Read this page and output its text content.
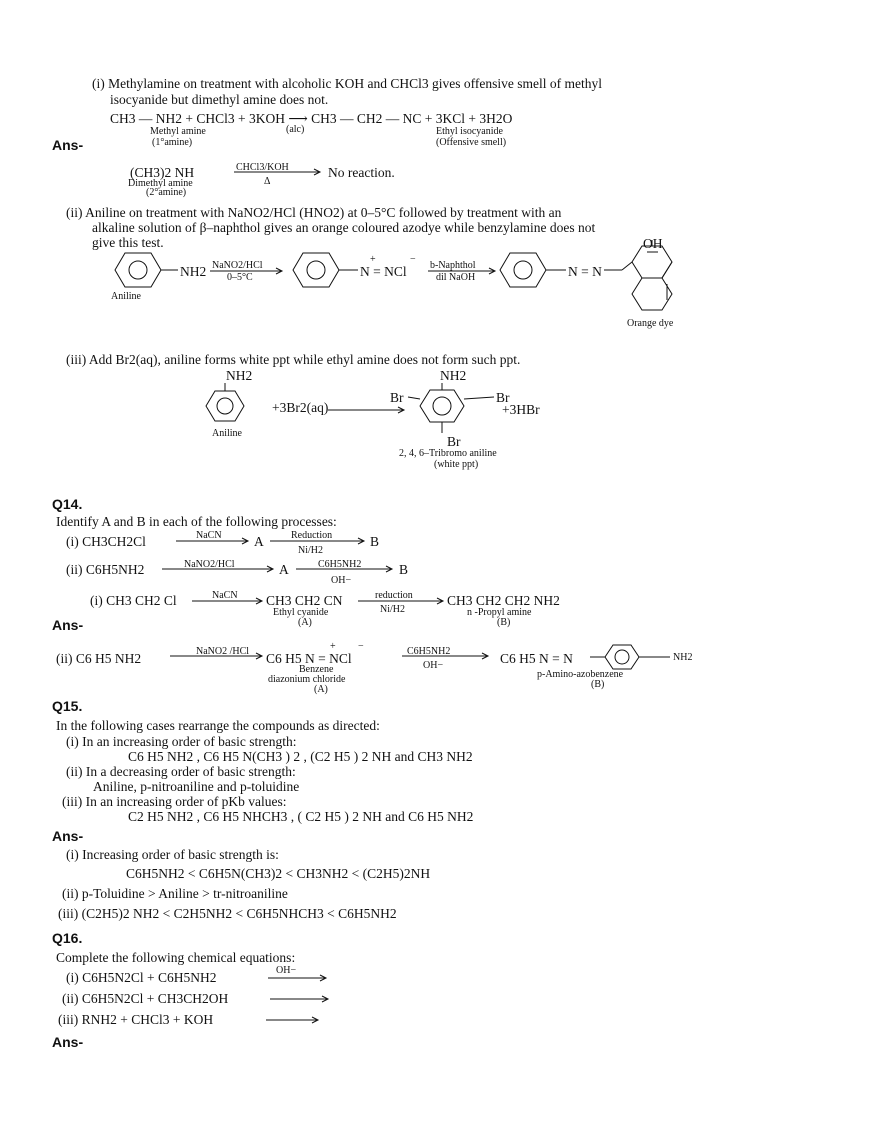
(i) Methylamine on treatment with alcoholic KOH and CHCl3 gives offensive smell of methyl
isocyanide but dimethyl amine does not.
Ans-
CH3 — NH2 + CHCl3 + 3KOH ⟶ CH3 — CH2 — NC + 3KCl + 3H2O
(alc)
Methyl amine
(1°amine)
Ethyl isocyanide
(Offensive smell)
(CH3)2 NH	CHCl3/KOH
Δ
No reaction.
Dimethyl amine
(2°amine)
(ii) Aniline on treatment with NaNO2/HCl (HNO2) at 0–5°C followed by treatment with an
alkaline solution of β–naphthol gives an orange coloured azodye while benzylamine does not
give this test.
NH2 NaNO2/HCl
0–5°C	N = NCl
+	−
b-Naphthol
dil NaOH	N = N
OH
Aniline
Orange dye
(iii) Add Br2(aq), aniline forms white ppt while ethyl amine does not form such ppt.
NH2
+3Br2(aq)
NH2
Br	Br
Br
+3HBr
Aniline
2, 4, 6–Tribromo aniline
(white ppt)
Q14.
Identify A and B in each of the following processes:
(i) CH3CH2Cl	NaCN A	Reduction
Ni/H2
B
(ii) C6H5NH2	NaNO2/HCl	A	C6H5NH2
OH−
B
Ans-
(i) CH3 CH2 Cl	NaCN CH3 CH2 CN	reduction
Ni/H2
CH3 CH2 CH2 NH2
Ethyl cyanide
(A)
n -Propyl amine
(B)
(ii) C6 H5 NH2	NaNO2 /HCl C6 H5 N = NCl
+ −	C6H5NH2
OH−	C6 H5 N = N	NH2
Benzene
diazonium chloride
(A)
p-Amino-azobenzene
(B)
Q15.
In the following cases rearrange the compounds as directed:
(i) In an increasing order of basic strength:
C6 H5 NH2 , C6 H5 N(CH3 ) 2 , (C2 H5 ) 2 NH and CH3 NH2
(ii) In a decreasing order of basic strength:
Aniline, p-nitroaniline and p-toluidine
(iii) In an increasing order of pKb values:
C2 H5 NH2 , C6 H5 NHCH3 , ( C2 H5 ) 2 NH and C6 H5 NH2
Ans-
(i) Increasing order of basic strength is:
C6H5NH2 < C6H5N(CH3)2 < CH3NH2 < (C2H5)2NH
(ii) p-Toluidine > Aniline > tr-nitroaniline
(iii) (C2H5)2 NH2 < C2H5NH2 < C6H5NHCH3 < C6H5NH2
Q16.
Complete the following chemical equations:
(i) C6H5N2Cl + C6H5NH2	OH−
(ii) C6H5N2Cl + CH3CH2OH
(iii) RNH2 + CHCl3 + KOH
Ans-
